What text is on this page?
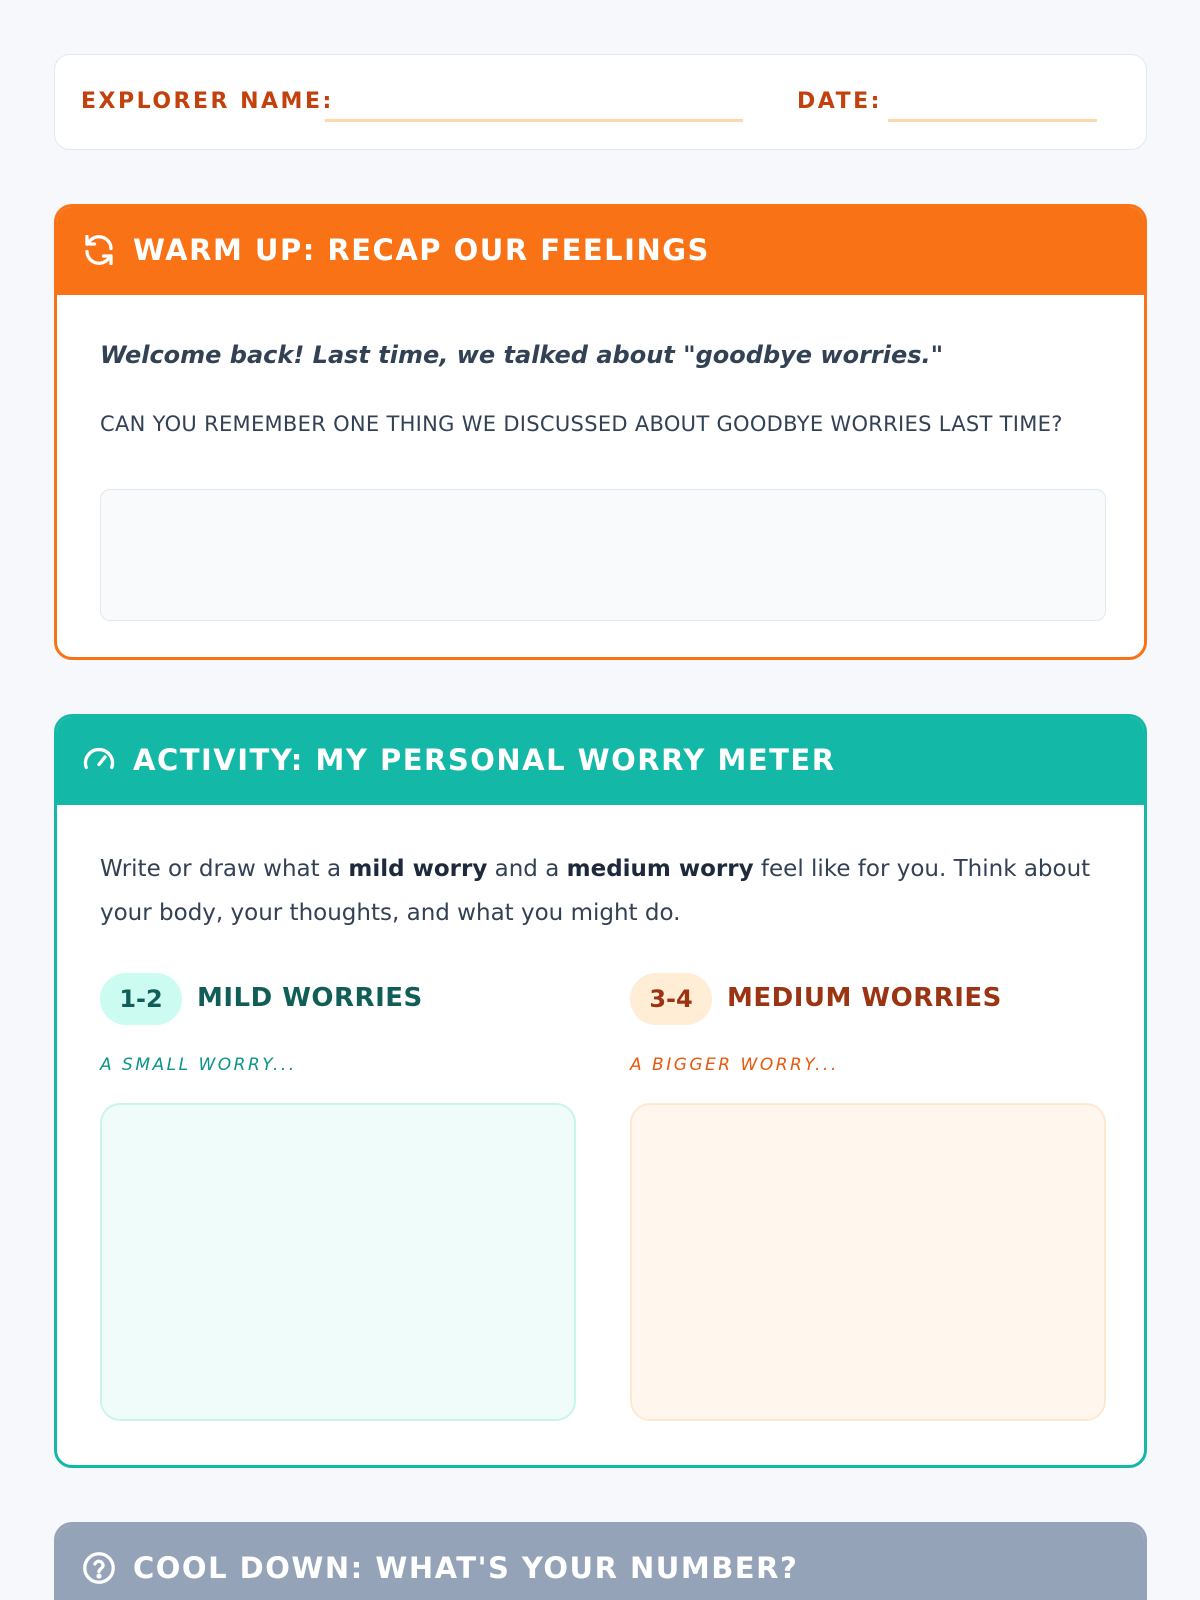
EXPLORER NAME:	DATE:
WARM UP: RECAP OUR FEELINGS
Welcome back! Last time, we talked about "goodbye worries."
CAN YOU REMEMBER ONE THING WE DISCUSSED ABOUT GOODBYE WORRIES LAST TIME?
ACTIVITY: MY PERSONAL WORRY METER
Write or draw what a mild worry and a medium worry feel like for you. Think about your body, your thoughts, and what you might do.
1-2	MILD WORRIES
A SMALL WORRY...
3-4	MEDIUM WORRIES
A BIGGER WORRY...
COOL DOWN: WHAT'S YOUR NUMBER?
